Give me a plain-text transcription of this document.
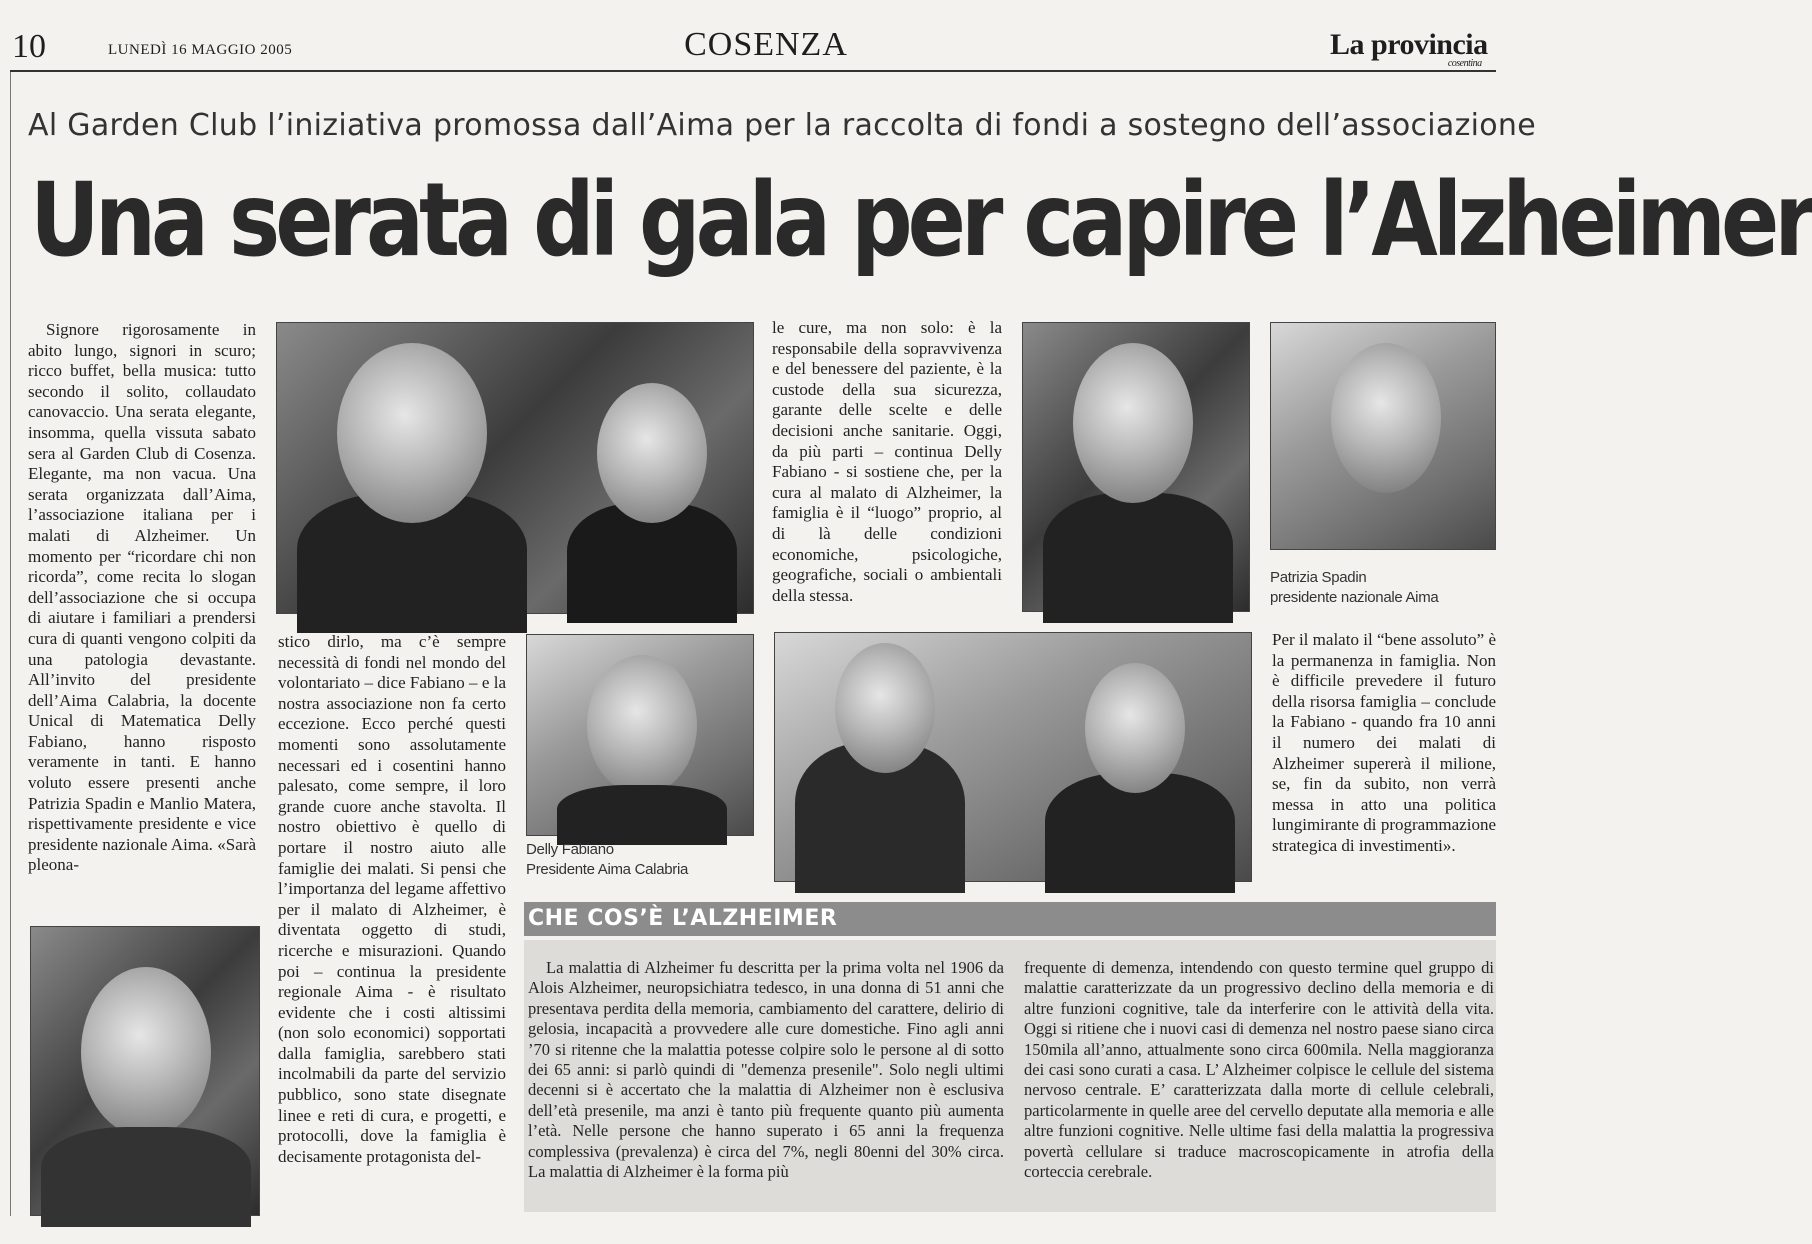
10	LUNEDÌ 16 MAGGIO 2005	COSENZA	La provincia
cosentina
Al Garden Club l’iniziativa promossa dall’Aima per la raccolta di fondi a sostegno dell’associazione
Una serata di gala per capire l’Alzheimer

Signore rigorosamente in abito lungo, signori in scuro; ricco buffet, bella musica: tutto secondo il solito, collaudato canovaccio. Una serata elegante, insomma, quella vissuta sabato sera al Garden Club di Cosenza. Elegante, ma non vacua. Una serata organizzata dall’Aima, l’associazione italiana per i malati di Alzheimer. Un momento per “ricordare chi non ricorda”, come recita lo slogan dell’associazione che si occupa di aiutare i familiari a prendersi cura di quanti vengono colpiti da una patologia devastante. All’invito del presidente dell’Aima Calabria, la docente Unical di Matematica Delly Fabiano, hanno risposto veramente in tanti. E hanno voluto essere presenti anche Patrizia Spadin e Manlio Matera, rispettivamente presidente e vice presidente nazionale Aima. «Sarà pleona-

le cure, ma non solo: è la responsabile della sopravvivenza e del benessere del paziente, è la custode della sua sicurezza, garante delle scelte e delle decisioni anche sanitarie. Oggi, da più parti – continua Delly Fabiano - si sostiene che, per la cura al malato di Alzheimer, la famiglia è il “luogo” proprio, al di là delle condizioni economiche, psicologiche, geografiche, sociali o ambientali della stessa.

Patrizia Spadin
presidente nazionale Aima

stico dirlo, ma c’è sempre necessità di fondi nel mondo del volontariato – dice Fabiano – e la nostra associazione non fa certo eccezione. Ecco perché questi momenti sono assolutamente necessari ed i cosentini hanno palesato, come sempre, il loro grande cuore anche stavolta. Il nostro obiettivo è quello di portare il nostro aiuto alle famiglie dei malati. Si pensi che l’importanza del legame affettivo per il malato di Alzheimer, è diventata oggetto di studi, ricerche e misurazioni. Quando poi – continua la presidente regionale Aima - è risultato evidente che i costi altissimi (non solo economici) sopportati dalla famiglia, sarebbero stati incolmabili da parte del servizio pubblico, sono state disegnate linee e reti di cura, e progetti, e protocolli, dove la famiglia è decisamente protagonista del-

Delly Fabiano
Presidente Aima Calabria

Per il malato il “bene assoluto” è la permanenza in famiglia. Non è difficile prevedere il futuro della risorsa famiglia – conclude la Fabiano - quando fra 10 anni il numero dei malati di Alzheimer supererà il milione, se, fin da subito, non verrà messa in atto una politica lungimirante di programmazione strategica di investimenti».

CHE COS’È L’ALZHEIMER

La malattia di Alzheimer fu descritta per la prima volta nel 1906 da Alois Alzheimer, neuropsichiatra tedesco, in una donna di 51 anni che presentava perdita della memoria, cambiamento del carattere, delirio di gelosia, incapacità a provvedere alle cure domestiche. Fino agli anni ’70 si ritenne che la malattia potesse colpire solo le persone al di sotto dei 65 anni: si parlò quindi di "demenza presenile". Solo negli ultimi decenni si è accertato che la malattia di Alzheimer non è esclusiva dell’età presenile, ma anzi è tanto più frequente quanto più aumenta l’età. Nelle persone che hanno superato i 65 anni la frequenza complessiva (prevalenza) è circa del 7%, negli 80enni del 30% circa. La malattia di Alzheimer è la forma più

frequente di demenza, intendendo con questo termine quel gruppo di malattie caratterizzate da un progressivo declino della memoria e di altre funzioni cognitive, tale da interferire con le attività della vita. Oggi si ritiene che i nuovi casi di demenza nel nostro paese siano circa 150mila all’anno, attualmente sono circa 600mila. Nella maggioranza dei casi sono curati a casa. L’ Alzheimer colpisce le cellule del sistema nervoso centrale. E’ caratterizzata dalla morte di cellule celebrali, particolarmente in quelle aree del cervello deputate alla memoria e alle altre funzioni cognitive. Nelle ultime fasi della malattia la progressiva povertà cellulare si traduce macroscopicamente in atrofia della corteccia cerebrale.
